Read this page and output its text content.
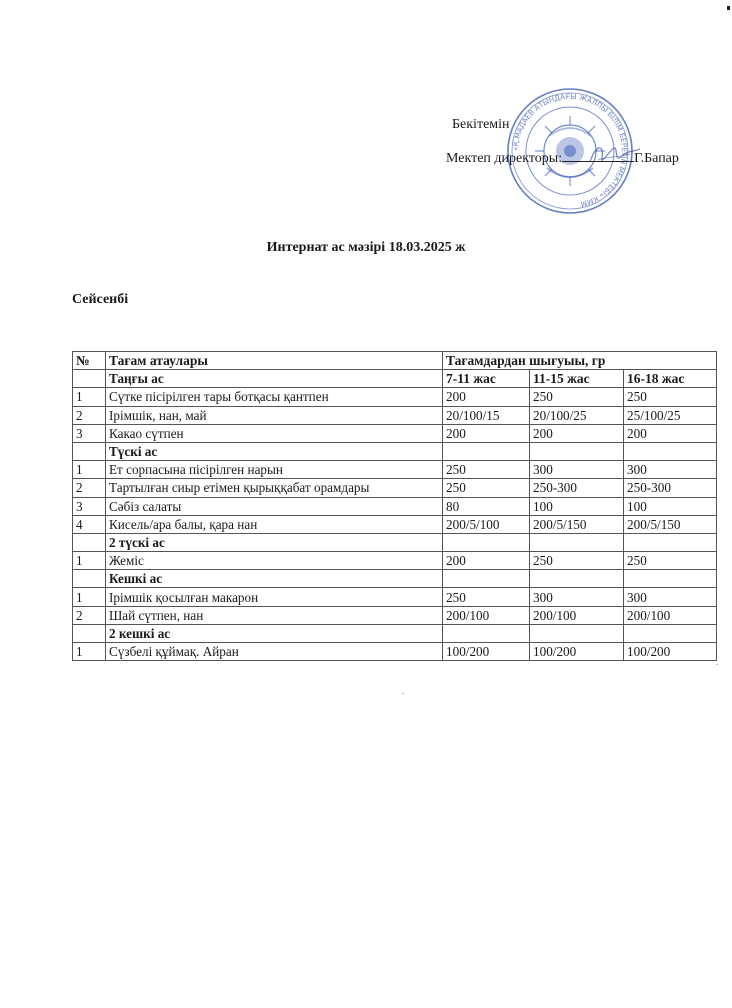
«Қ.МАДАЕВ АТЫНДАҒЫ ЖАЛПЫ БІЛІМ БЕРЕТІН МЕКТЕБІ» КММ
Бекітемін
Мектеп директоры:	Г.Бапар
Интернат ас мәзірі 18.03.2025 ж
Сейсенбі
№	Тағам атаулары	Тағамдардан шығуыы, гр		
	Таңғы ас	7-11 жас	11-15 жас	16-18 жас
1	Сүтке пісірілген тары ботқасы қантпен	200	250	250
2	Ірімшік, нан, май	20/100/15	20/100/25	25/100/25
3	Какао сүтпен	200	200	200
	Түскі ас			
1	Ет сорпасына пісірілген нарын	250	300	300
2	Тартылған сиыр етімен қырыққабат орамдары	250	250-300	250-300
3	Сәбіз салаты	80	100	100
4	Кисель/ара балы, қара нан	200/5/100	200/5/150	200/5/150
	2 түскі ас			
1	Жеміс	200	250	250
	Кешкі ас			
1	Ірімшік қосылған макарон	250	300	300
2	Шай сүтпен, нан	200/100	200/100	200/100
	2 кешкі ас			
1	Сүзбелі құймақ. Айран	100/200	100/200	100/200
